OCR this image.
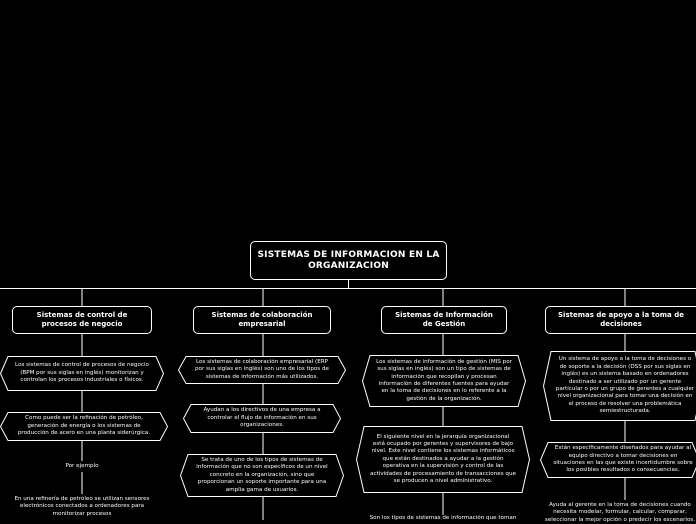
SISTEMAS DE INFORMACION EN LA ORGANIZACION
Sistemas de control de procesos de negocio
Sistemas de colaboración empresarial
Sistemas de Información de Gestión
Sistemas de apoyo a la toma de decisiones
Los sistemas de control de procesos de negocio (BPM por sus siglas en inglés) monitorizan y controlan los procesos industriales o físicos.
Como puede ser la refinación de petróleo, generación de energía o los sistemas de producción de acero en una planta siderúrgica.
Por ejemplo
En una refinería de petróleo se utilizan sensores electrónicos conectados a ordenadores para monitorizar procesos
Los sistemas de colaboración empresarial (ERP por sus siglas en inglés) son uno de los tipos de sistemas de información más utilizados.
Ayudan a los directivos de una empresa a controlar el flujo de información en sus organizaciones.
Se trata de uno de los tipos de sistemas de información que no son específicos de un nivel concreto en la organización, sino que proporcionan un soporte importante para una amplia gama de usuarios.
Los sistemas de información de gestión (MIS por sus siglas en inglés) son un tipo de sistemas de información que recopilan y procesan información de diferentes fuentes para ayudar en la toma de decisiones en lo referente a la gestión de la organización.
El siguiente nivel en la jerarquía organizacional está ocupado por gerentes y supervisores de bajo nivel. Este nivel contiene los sistemas informáticos que están destinados a ayudar a la gestión operativa en la supervisión y control de las actividades de procesamiento de transacciones que se producen a nivel administrativo.
Son los tipos de sistemas de información que toman
Un sistema de apoyo a la toma de decisiones o de soporte a la decisión (DSS por sus siglas en inglés) es un sistema basado en ordenadores destinado a ser utilizado por un gerente particular o por un grupo de gerentes a cualquier nivel organizacional para tomar una decisión en el proceso de resolver una problemática semiestructurada.
Están específicamente diseñados para ayudar al equipo directivo a tomar decisiones en situaciones en las que existe incertidumbre sobre los posibles resultados o consecuencias.
Ayuda al gerente en la toma de decisiones cuando necesita modelar, formular, calcular, comparar, seleccionar la mejor opción o predecir los escenarios.
